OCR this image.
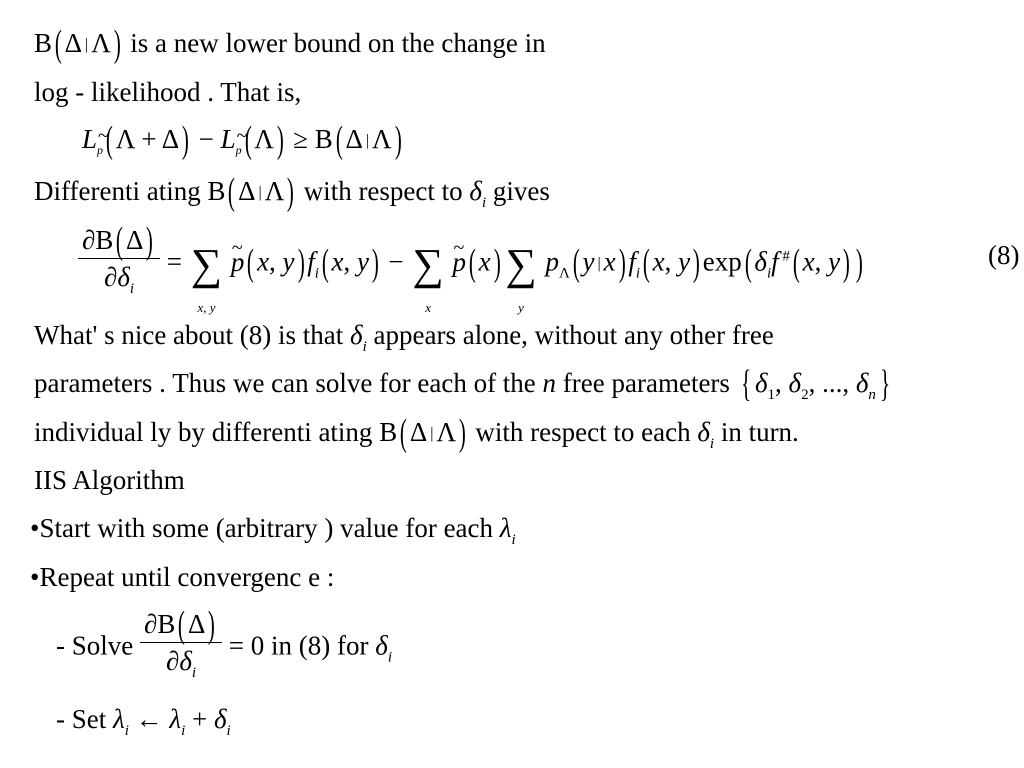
B( Δ | Λ) is a new lower bound on the change in
log - likelihood . That is,
L~ $_p$( Λ + Δ) − L~ $_p$( Λ) ≥ B( Δ | Λ)
Differenti ating B( Δ | Λ) with respect to $\delta_i$ gives
$\frac{\partial B( \Delta)}{\partial\delta_i}$ = ∑
x, y
~ p( x, y) $f_i$( x, y) − ∑
x
~ p( x) ∑
y
$p_\Lambda$( y | x) $f_i$( x, y) exp( $\delta_if$ #( x, y) )	(8)
What' s nice about (8) is that $\delta_i$ appears alone, without any other free
parameters . Thus we can solve for each of the n free parameters { $\delta_1$, $\delta_2$, ..., $\delta_n$ }
individual ly by differenti ating B( Δ | Λ) with respect to each $\delta_i$ in turn.
IIS Algorithm
•Start with some (arbitrary ) value for each $\lambda_i$
•Repeat until convergenc e :
- Solve $\frac{\partial B( \Delta)}{\partial\delta_i} = 0$ in (8) for $\delta_i$
- Set $\lambda_i$ ← $\lambda_i + \delta_i$
